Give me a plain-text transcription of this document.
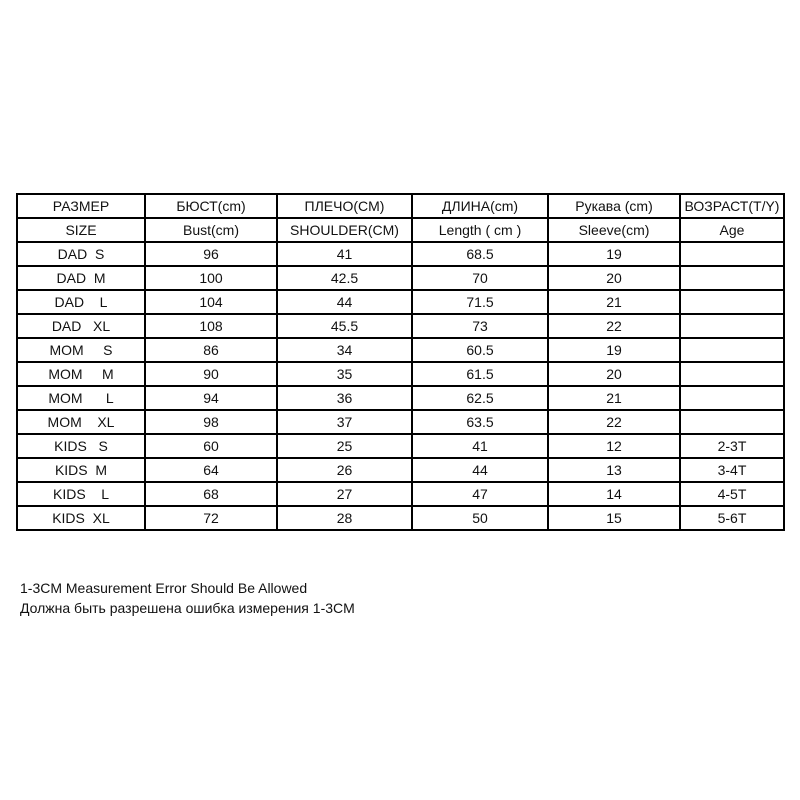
РАЗМЕР	БЮСТ(cm)	ПЛЕЧО(CM)	ДЛИНА(cm)	Рукава (cm)	ВОЗРАСТ(Т/Y)
SIZE	Bust(cm)	SHOULDER(CM)	Length ( cm )	Sleeve(cm)	Age
DAD  S	96	41	68.5	19	
DAD  M	100	42.5	70	20	
DAD    L	104	44	71.5	21	
DAD   XL	108	45.5	73	22	
MOM     S	86	34	60.5	19	
MOM     M	90	35	61.5	20	
MOM      L	94	36	62.5	21	
MOM    XL	98	37	63.5	22	
KIDS   S	60	25	41	12	2-3T
KIDS  M	64	26	44	13	3-4T
KIDS    L	68	27	47	14	4-5T
KIDS  XL	72	28	50	15	5-6T
1-3CM Measurement Error Should Be Allowed
Должна быть разрешена ошибка измерения 1-3CM
